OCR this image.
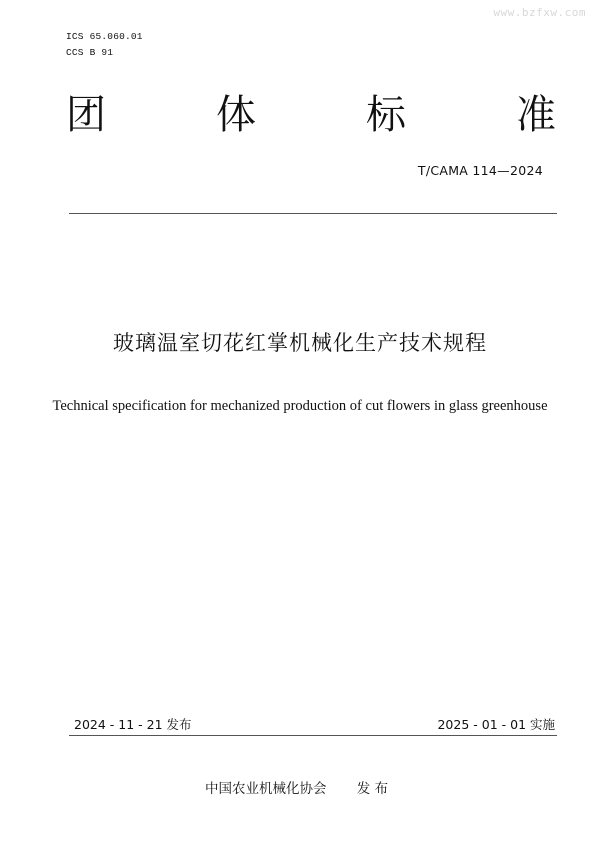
www.bzfxw.com
ICS 65.060.01
CCS B 91
团	体	标	准
T/CAMA 114—2024
玻璃温室切花红掌机械化生产技术规程
Technical specification for mechanized production of cut flowers in glass greenhouse
2024 - 11 - 21 发布	2025 - 01 - 01 实施
中国农业机械化协会 发 布
